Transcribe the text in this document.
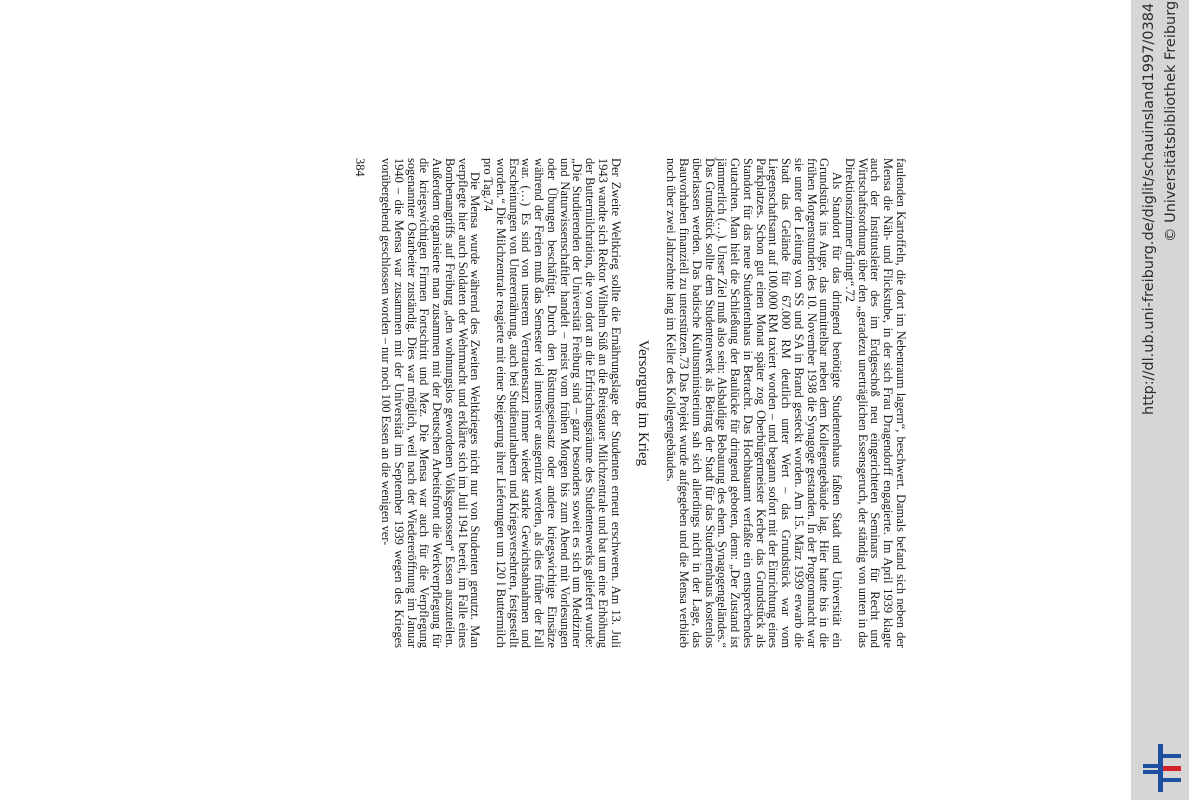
faulenden Kartoffeln, die dort im Nebenraum lagern“, beschwert. Damals befand sich neben der Mensa die Näh- und Flickstube, in der sich Frau Dragendorff engagierte. Im April 1939 klagte auch der Institutsleiter des im Erdgeschoß neu eingerichteten Seminars für Recht und Wirtschaftsordnung über den „geradezu unerträglichen Essensgeruch, der ständig von unten in das Direktionszimmer dringt“.72

Als Standort für das dringend benötigte Studentenhaus faßten Stadt und Universität ein Grundstück ins Auge, das unmittelbar neben dem Kollegengebäude lag. Hier hatte bis in die frühen Morgenstunden des 10. November 1938 die Synagoge gestanden. In der Progromnacht war sie unter der Leitung von SS und SA in Brand gesteckt worden. Am 15. März 1939 erwarb die Stadt das Gelände für 67.000 RM deutlich unter Wert – das Grundstück war vom Liegenschaftsamt auf 100.000 RM taxiert worden – und begann sofort mit der Einrichtung eines Parkplatzes. Schon gut einen Monat später zog Oberbürgermeister Kerber das Grundstück als Standort für das neue Studentenhaus in Betracht. Das Hochbauamt verfaßte ein entsprechendes Gutachten. Man hielt die Schließung der Baulücke für dringend geboten, denn: „Der Zustand ist jämmerlich (…). Unser Ziel muß also sein: Alsbaldige Bebauung des ehem. Synagogengeländes.“ Das Grundstück sollte dem Studentenwerk als Beitrag der Stadt für das Studentenhaus kostenlos überlassen werden. Das badische Kultusministerium sah sich allerdings nicht in der Lage, das Bauvorhaben finanziell zu unterstützen.73 Das Projekt wurde aufgegeben und die Mensa verblieb noch über zwei Jahrzehnte lang im Keller des Kollegengebäudes.

Versorgung im Krieg

Der Zweite Weltkrieg sollte die Ernährungslage der Studenten erneut erschweren. Am 13. Juli 1943 wandte sich Rektor Wilhelm Süß an die Breisgauer Milchzentrale und bat um eine Erhöhung der Buttermilchration, die von dort an die Erfrischungsräume des Studentenwerks geliefert wurde: „Die Studierenden der Universität Freiburg sind – ganz besonders soweit es sich um Mediziner und Naturwissenschaftler handelt – meist vom frühen Morgen bis zum Abend mit Vorlesungen oder Übungen beschäftigt. Durch den Rüstungseinsatz oder andere kriegswichtige Einsätze während der Ferien muß das Semester viel intensiver ausgenitzt werden, als dies früher der Fall war. (…) Es sind von unserem Vertrauensarzt immer wieder starke Gewichtsabnahmen und Erscheinungen von Unterernährung, auch bei Studienurlaubern und Kriegsversehrten, festgestellt worden.“ Die Milchzentrale reagierte mit einer Steigerung ihrer Lieferungen um 120 l Buttermilch pro Tag.74

Die Mensa wurde während des Zweiten Weltkrieges nicht nur von Studenten genutzt. Man verpflegte hier auch Soldaten der Wehrmacht und erklärte sich im Juli 1941 bereit, im Falle eines Bombenangriffs auf Freiburg „den wohnungslos gewordenen Volksgenossen“ Essen auszuteilen. Außerdem organisierte man zusammen mit der Deutschen Arbeitsfront die Werkverpflegung für die kriegswichtigen Firmen Fortschritt und Mez. Die Mensa war auch für die Verpflegung sogenannter Ostarbeiter zuständig. Dies war möglich, weil nach der Wiedereröffnung im Januar 1940 – die Mensa war zusammen mit der Universität im September 1939 wegen des Krieges vorübergehend geschlossen worden – nur noch 100 Essen an die wenigen ver-

384	http://dl.ub.uni-freiburg.de/diglit/schauinsland1997/0384 © Universitätsbibliothek Freiburg
